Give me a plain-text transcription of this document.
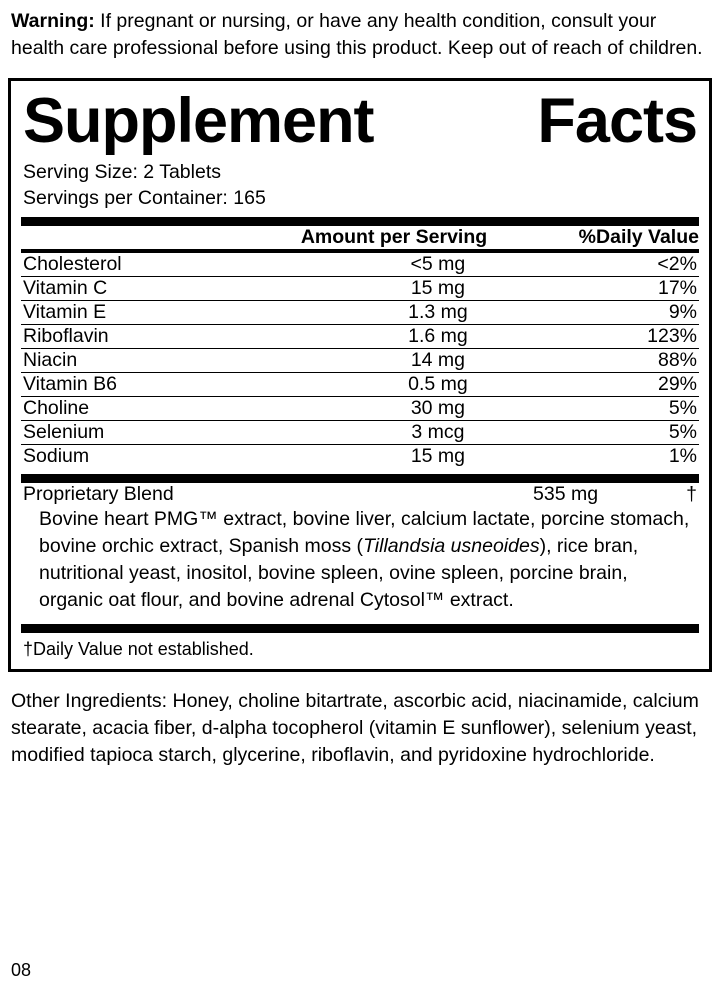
Warning: If pregnant or nursing, or have any health condition, consult your health care professional before using this product. Keep out of reach of children.
Supplement	Facts
Serving Size: 2 Tablets
Servings per Container: 165
	Amount per Serving	%Daily Value
Cholesterol	<5 mg	<2%
Vitamin C	15 mg	17%
Vitamin E	1.3 mg	9%
Riboflavin	1.6 mg	123%
Niacin	14 mg	88%
Vitamin B6	0.5 mg	29%
Choline	30 mg	5%
Selenium	3 mcg	5%
Sodium	15 mg	1%
Proprietary Blend	535 mg	†
Bovine heart PMG™ extract, bovine liver, calcium lactate, porcine stomach, bovine orchic extract, Spanish moss (Tillandsia usneoides), rice bran, nutritional yeast, inositol, bovine spleen, ovine spleen, porcine brain, organic oat flour, and bovine adrenal Cytosol™ extract.
†Daily Value not established.
Other Ingredients: Honey, choline bitartrate, ascorbic acid, niacinamide, calcium stearate, acacia fiber, d-alpha tocopherol (vitamin E sunflower), selenium yeast, modified tapioca starch, glycerine, riboflavin, and pyridoxine hydrochloride.
08
